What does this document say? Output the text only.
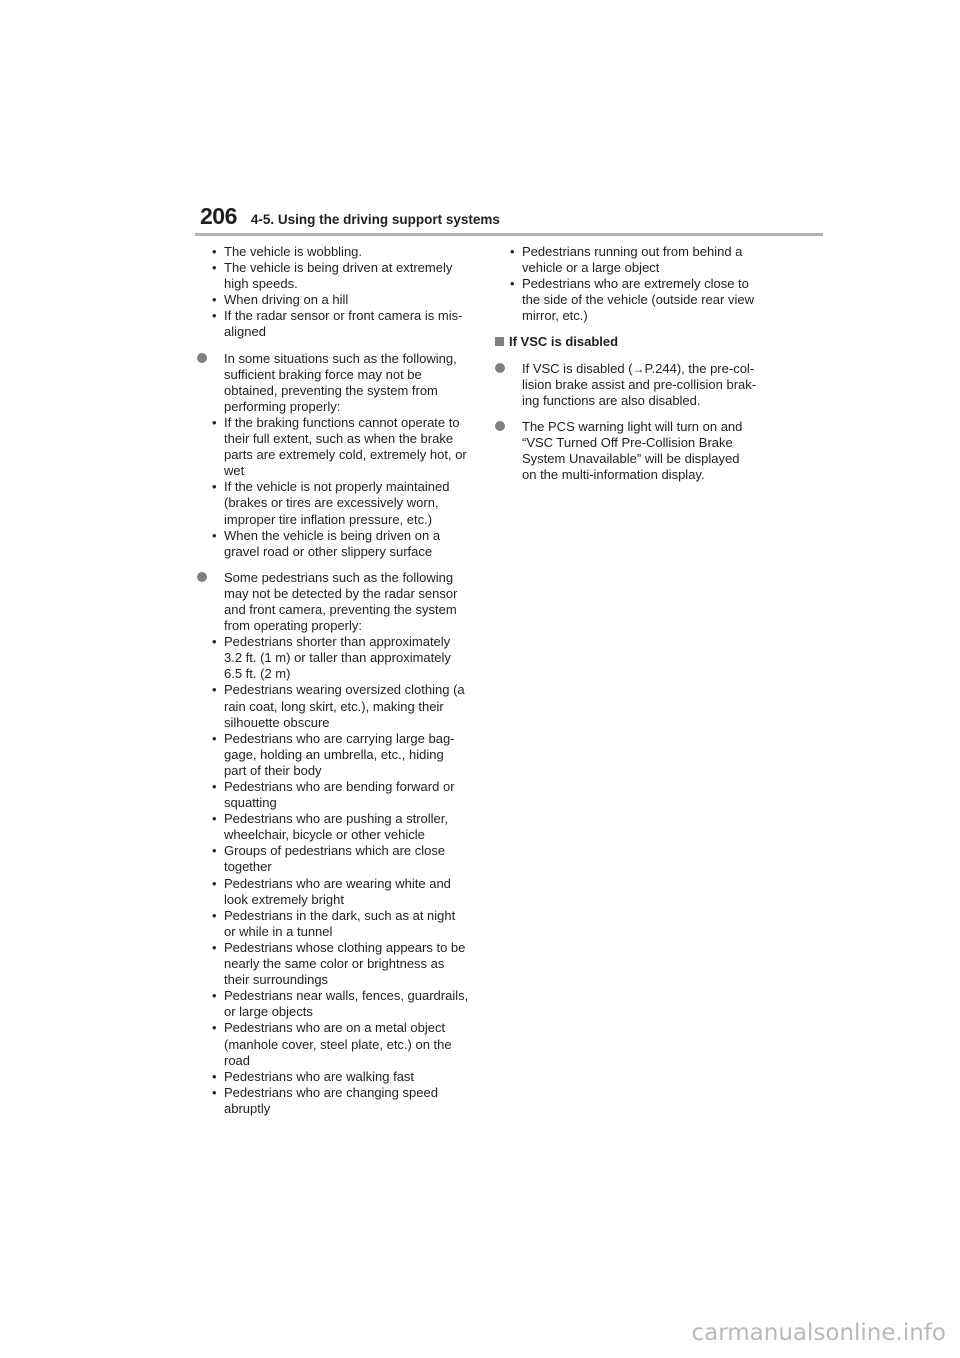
206 4-5. Using the driving support systems

• The vehicle is wobbling.

• The vehicle is being driven at extremely high speeds.

• When driving on a hill

• If the radar sensor or front camera is mis-aligned

In some situations such as the following, sufficient braking force may not be obtained, preventing the system from performing properly:

• If the braking functions cannot operate to their full extent, such as when the brake parts are extremely cold, extremely hot, or wet

• If the vehicle is not properly maintained (brakes or tires are excessively worn, improper tire inflation pressure, etc.)

• When the vehicle is being driven on a gravel road or other slippery surface

Some pedestrians such as the following may not be detected by the radar sensor and front camera, preventing the system from operating properly:

• Pedestrians shorter than approximately 3.2 ft. (1 m) or taller than approximately 6.5 ft. (2 m)

• Pedestrians wearing oversized clothing (a rain coat, long skirt, etc.), making their silhouette obscure

• Pedestrians who are carrying large bag-gage, holding an umbrella, etc., hiding part of their body

• Pedestrians who are bending forward or squatting

• Pedestrians who are pushing a stroller, wheelchair, bicycle or other vehicle

• Groups of pedestrians which are close together

• Pedestrians who are wearing white and look extremely bright

• Pedestrians in the dark, such as at night or while in a tunnel

• Pedestrians whose clothing appears to be nearly the same color or brightness as their surroundings

• Pedestrians near walls, fences, guardrails, or large objects

• Pedestrians who are on a metal object (manhole cover, steel plate, etc.) on the road

• Pedestrians who are walking fast

• Pedestrians who are changing speed abruptly

• Pedestrians running out from behind a vehicle or a large object

• Pedestrians who are extremely close to the side of the vehicle (outside rear view mirror, etc.)

If VSC is disabled

If VSC is disabled (→P.244), the pre-col-lision brake assist and pre-collision brak-ing functions are also disabled.

The PCS warning light will turn on and “VSC Turned Off Pre-Collision Brake System Unavailable” will be displayed on the multi-information display.

carmanualsonline.info
